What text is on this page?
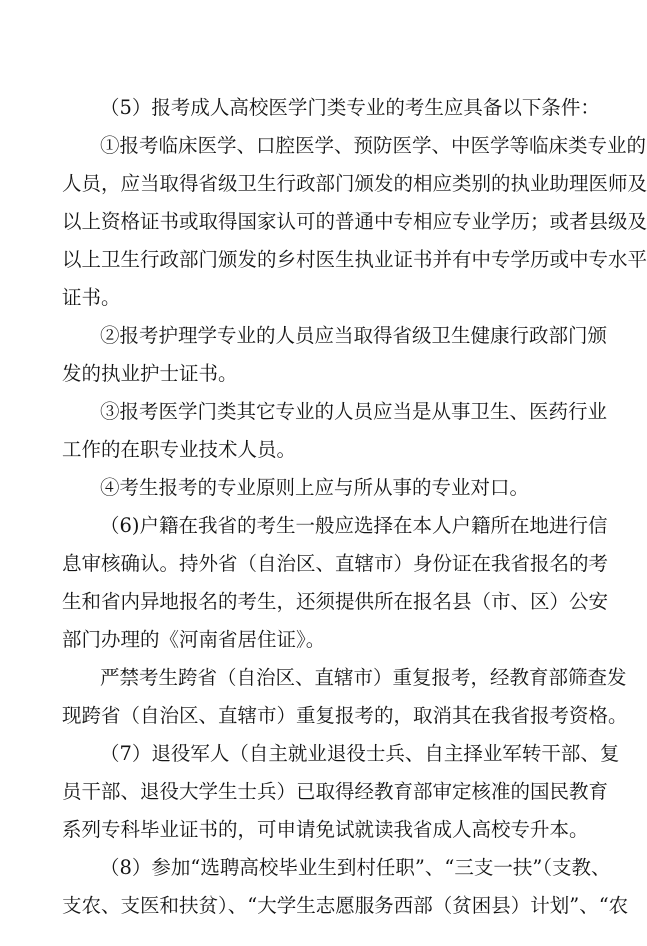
（5）报考成人高校医学门类专业的考生应具备以下条件：
①报考临床医学、口腔医学、预防医学、中医学等临床类专业的
人员，应当取得省级卫生行政部门颁发的相应类别的执业助理医师及
以上资格证书或取得国家认可的普通中专相应专业学历；或者县级及
以上卫生行政部门颁发的乡村医生执业证书并有中专学历或中专水平
证书。
②报考护理学专业的人员应当取得省级卫生健康行政部门颁
发的执业护士证书。
③报考医学门类其它专业的人员应当是从事卫生、医药行业
工作的在职专业技术人员。
④考生报考的专业原则上应与所从事的专业对口。
（6)户籍在我省的考生一般应选择在本人户籍所在地进行信
息审核确认。持外省（自治区、直辖市）身份证在我省报名的考
生和省内异地报名的考生，还须提供所在报名县（市、区）公安
部门办理的《河南省居住证》。
严禁考生跨省（自治区、直辖市）重复报考，经教育部筛查发
现跨省（自治区、直辖市）重复报考的，取消其在我省报考资格。
（7）退役军人（自主就业退役士兵、自主择业军转干部、复
员干部、退役大学生士兵）已取得经教育部审定核准的国民教育
系列专科毕业证书的，可申请免试就读我省成人高校专升本。
（8）参加“选聘高校毕业生到村任职”、“三支一扶”（支教、
支农、支医和扶贫）、“大学生志愿服务西部（贫困县）计划”、“农
